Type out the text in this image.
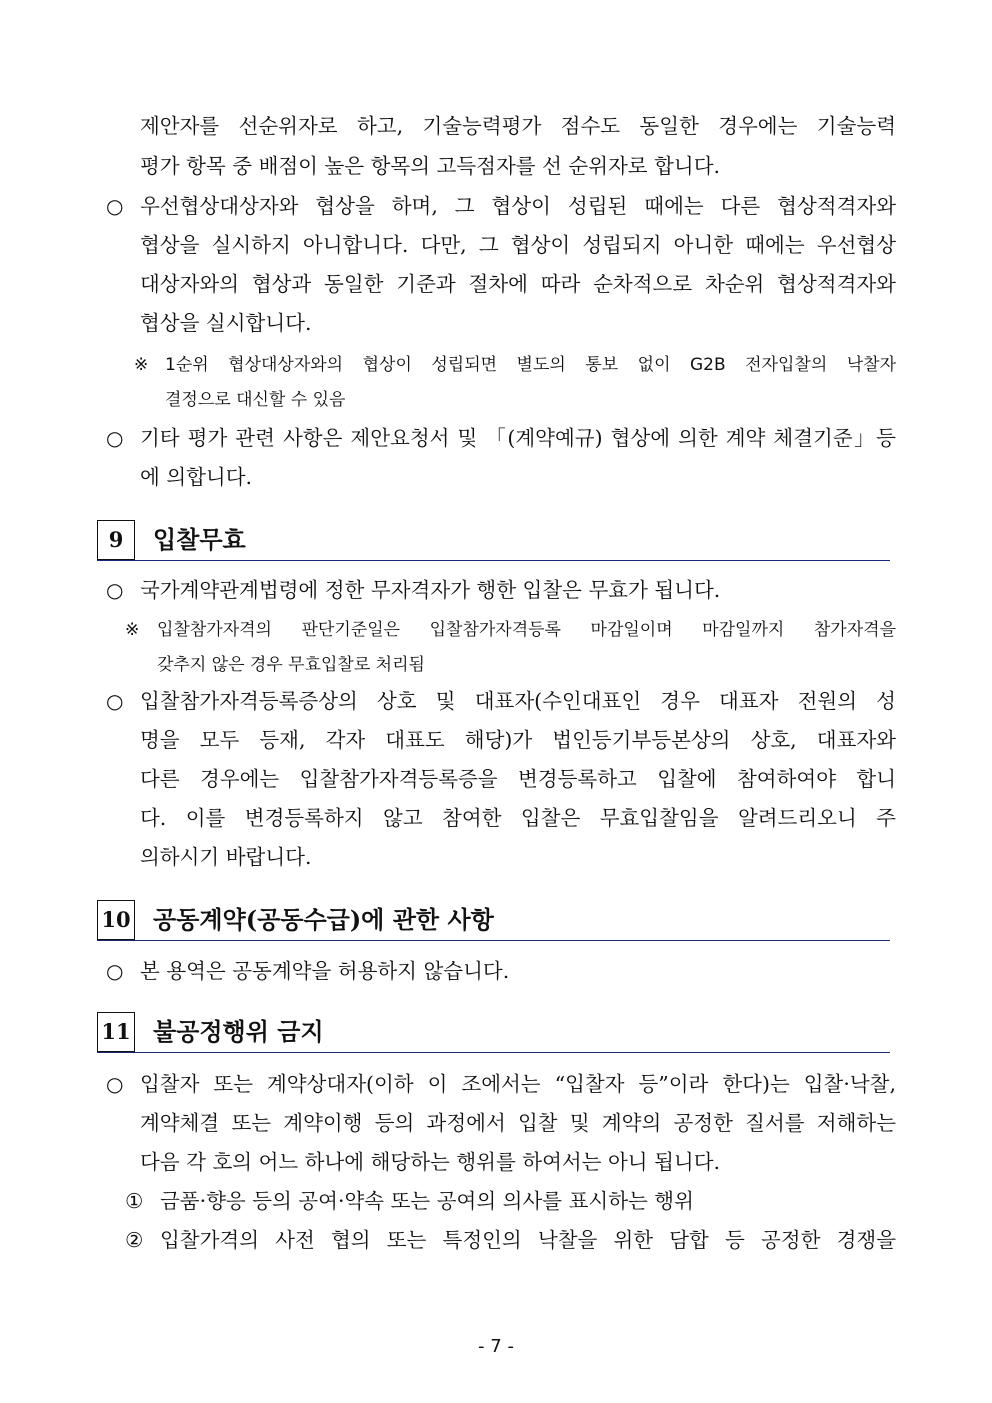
제안자를 선순위자로 하고, 기술능력평가 점수도 동일한 경우에는 기술능력
평가 항목 중 배점이 높은 항목의 고득점자를 선 순위자로 합니다.
○ 우선협상대상자와 협상을 하며, 그 협상이 성립된 때에는 다른 협상적격자와
협상을 실시하지 아니합니다. 다만, 그 협상이 성립되지 아니한 때에는 우선협상
대상자와의 협상과 동일한 기준과 절차에 따라 순차적으로 차순위 협상적격자와
협상을 실시합니다.
※ 1순위 협상대상자와의 협상이 성립되면 별도의 통보 없이 G2B 전자입찰의 낙찰자
결정으로 대신할 수 있음
○ 기타 평가 관련 사항은 제안요청서 및 「(계약예규) 협상에 의한 계약 체결기준」등
에 의합니다.
9	입찰무효
○ 국가계약관계법령에 정한 무자격자가 행한 입찰은 무효가 됩니다.
※ 입찰참가자격의 판단기준일은 입찰참가자격등록 마감일이며 마감일까지 참가자격을
갖추지 않은 경우 무효입찰로 처리됨
○ 입찰참가자격등록증상의 상호 및 대표자(수인대표인 경우 대표자 전원의 성
명을 모두 등재, 각자 대표도 해당)가 법인등기부등본상의 상호, 대표자와
다른 경우에는 입찰참가자격등록증을 변경등록하고 입찰에 참여하여야 합니
다. 이를 변경등록하지 않고 참여한 입찰은 무효입찰임을 알려드리오니 주
의하시기 바랍니다.
10 공동계약(공동수급)에 관한 사항
○ 본 용역은 공동계약을 허용하지 않습니다.
11 불공정행위 금지
○ 입찰자 또는 계약상대자(이하 이 조에서는 “입찰자 등”이라 한다)는 입찰·낙찰,
계약체결 또는 계약이행 등의 과정에서 입찰 및 계약의 공정한 질서를 저해하는
다음 각 호의 어느 하나에 해당하는 행위를 하여서는 아니 됩니다.
① 금품·향응 등의 공여·약속 또는 공여의 의사를 표시하는 행위
② 입찰가격의 사전 협의 또는 특정인의 낙찰을 위한 담합 등 공정한 경쟁을
- 7 -
